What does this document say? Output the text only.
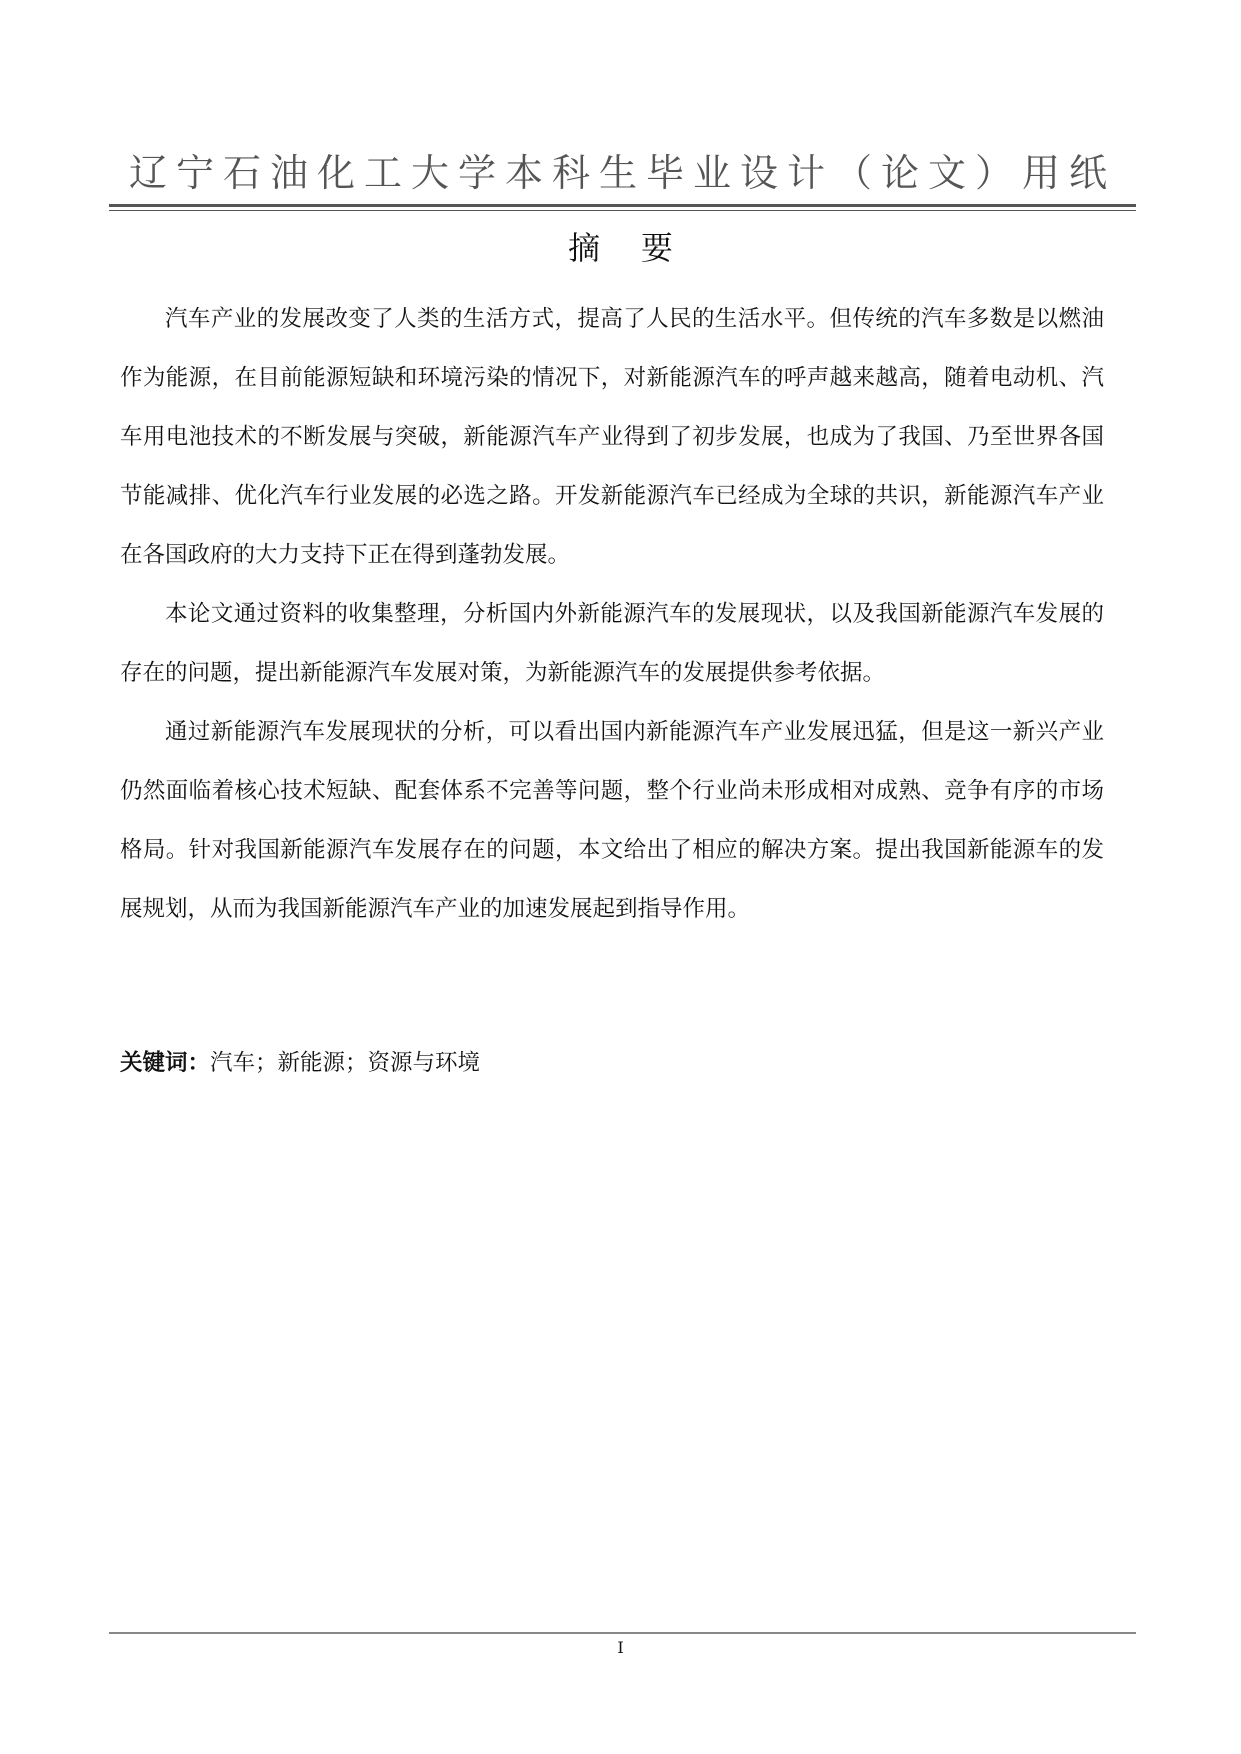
辽宁石油化工大学本科生毕业设计（论文）用纸
摘    要

汽车产业的发展改变了人类的生活方式，提高了人民的生活水平。但传统的汽车多数是以燃油作为能源，在目前能源短缺和环境污染的情况下，对新能源汽车的呼声越来越高，随着电动机、汽车用电池技术的不断发展与突破，新能源汽车产业得到了初步发展，也成为了我国、乃至世界各国节能减排、优化汽车行业发展的必选之路。开发新能源汽车已经成为全球的共识，新能源汽车产业在各国政府的大力支持下正在得到蓬勃发展。

本论文通过资料的收集整理，分析国内外新能源汽车的发展现状，以及我国新能源汽车发展的存在的问题，提出新能源汽车发展对策，为新能源汽车的发展提供参考依据。

通过新能源汽车发展现状的分析，可以看出国内新能源汽车产业发展迅猛，但是这一新兴产业仍然面临着核心技术短缺、配套体系不完善等问题，整个行业尚未形成相对成熟、竞争有序的市场格局。针对我国新能源汽车发展存在的问题，本文给出了相应的解决方案。提出我国新能源车的发展规划，从而为我国新能源汽车产业的加速发展起到指导作用。

关键词：汽车；新能源；资源与环境
I
